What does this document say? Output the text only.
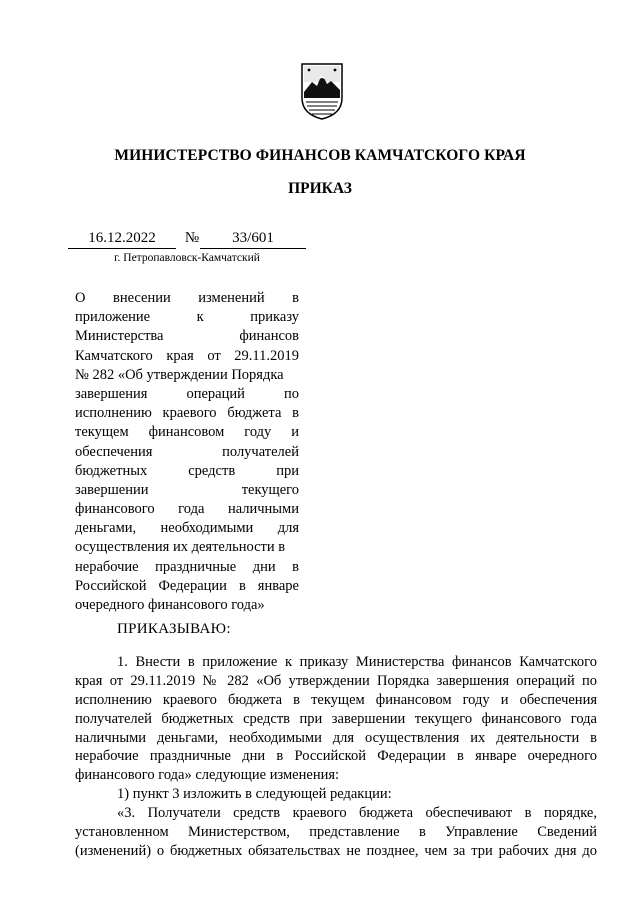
МИНИСТЕРСТВО ФИНАНСОВ КАМЧАТСКОГО КРАЯ
ПРИКАЗ
16.12.2022	№	33/601
г. Петропавловск-Камчатский
О внесении изменений в
приложение к приказу
Министерства финансов
Камчатского края от 29.11.2019
№ 282 «Об утверждении Порядка
завершения операций по
исполнению краевого бюджета в
текущем финансовом году и
обеспечения получателей
бюджетных средств при
завершении текущего
финансового года наличными
деньгами, необходимыми для
осуществления их деятельности в
нерабочие праздничные дни в
Российской Федерации в январе
очередного финансового года»
ПРИКАЗЫВАЮ:
1. Внести в приложение к приказу Министерства финансов Камчатского
края от 29.11.2019 № 282 «Об утверждении Порядка завершения операций по
исполнению краевого бюджета в текущем финансовом году и обеспечения
получателей бюджетных средств при завершении текущего финансового года
наличными деньгами, необходимыми для осуществления их деятельности в
нерабочие праздничные дни в Российской Федерации в январе очередного
финансового года» следующие изменения:
1) пункт 3 изложить в следующей редакции:
«3. Получатели средств краевого бюджета обеспечивают в порядке,
установленном Министерством, представление в Управление Сведений
(изменений) о бюджетных обязательствах не позднее, чем за три рабочих дня до
